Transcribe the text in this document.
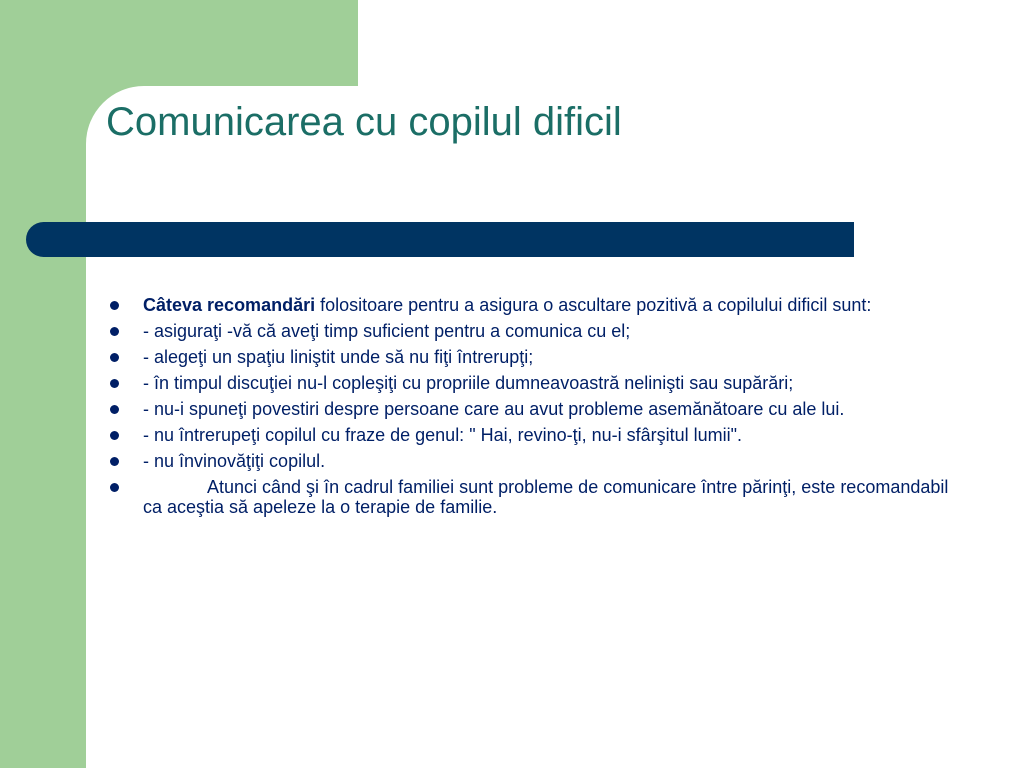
Comunicarea cu copilul dificil
Câteva recomandări folositoare pentru a asigura o ascultare pozitivă a copilului dificil sunt:
- asiguraţi -vă că aveţi timp suficient pentru a comunica cu el;
- alegeţi un spaţiu liniştit unde să nu fiţi întrerupţi;
- în timpul discuţiei nu-l copleşiţi cu propriile dumneavoastră nelinişti sau supărări;
- nu-i spuneţi povestiri despre persoane care au avut probleme asemănătoare cu ale lui.
- nu întrerupeţi copilul cu fraze de genul: " Hai, revino-ţi, nu-i sfârşitul lumii".
- nu învinovăţiţi copilul.
Atunci când şi în cadrul familiei sunt probleme de comunicare între părinţi, este recomandabil ca aceştia să apeleze la o terapie de familie.
